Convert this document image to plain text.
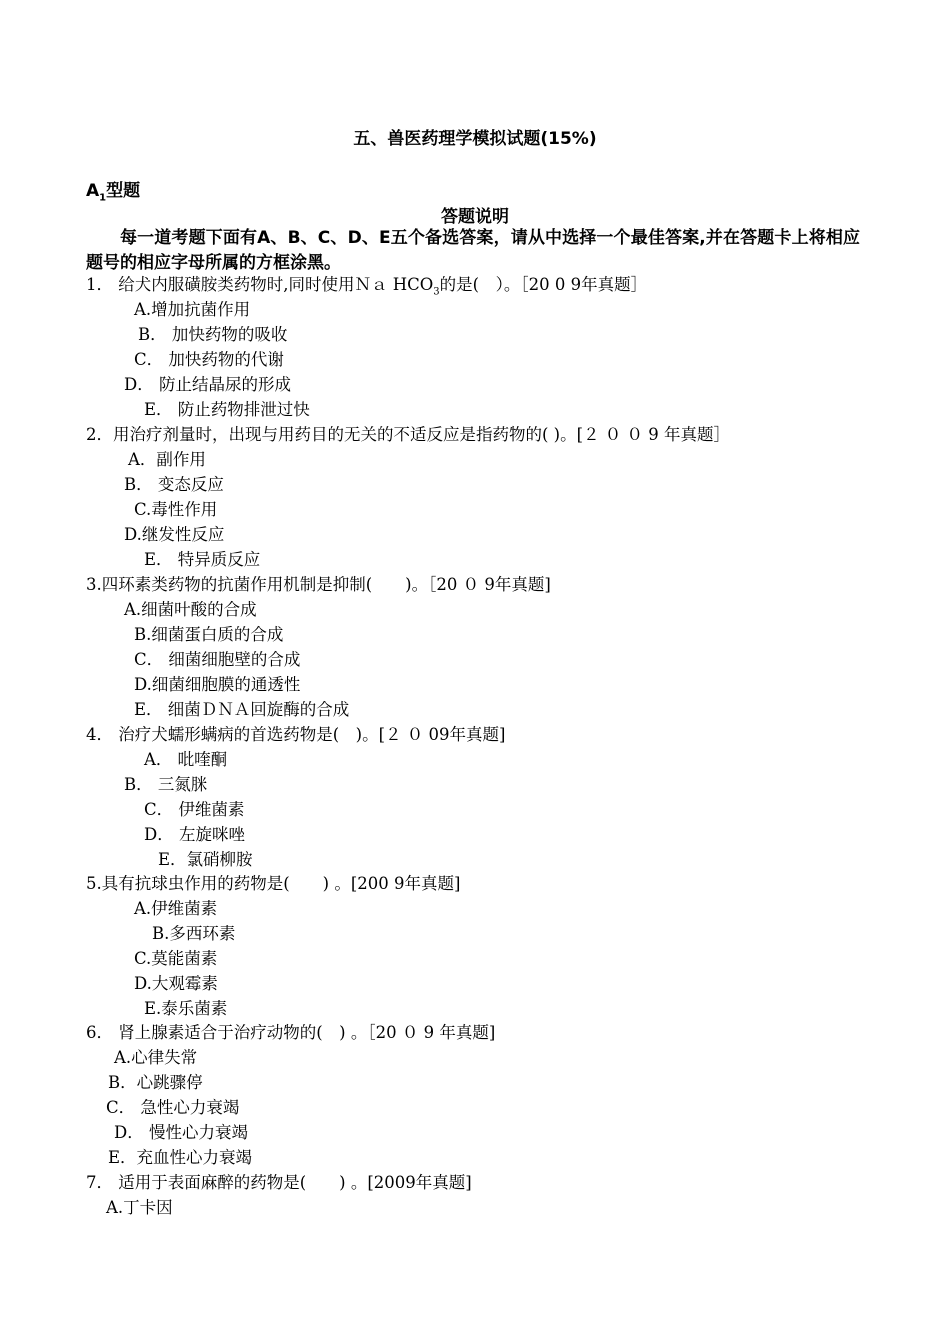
五、兽医药理学模拟试题(15%)
$A_1$型题
答题说明
每一道考题下面有A、B、C、D、E五个备选答案，请从中选择一个最佳答案,并在答题卡上将相应题号的相应字母所属的方框涂黑。
1． 给犬内服磺胺类药物时,同时使用Ｎａ $HCO_3$的是(　）。［20 0 9年真题］
A.增加抗菌作用
B． 加快药物的吸收
C． 加快药物的代谢
D． 防止结晶尿的形成
E． 防止药物排泄过快
2．用治疗剂量时，出现与用药目的无关的不适反应是指药物的( )。[２ ０ ０ 9 年真题］
A．副作用
B． 变态反应
C.毒性作用
D.继发性反应
E． 特异质反应
3.四环素类药物的抗菌作用机制是抑制(　　)。［20 ０ 9年真题]
A.细菌叶酸的合成
B.细菌蛋白质的合成
C． 细菌细胞壁的合成
D.细菌细胞膜的通透性
E． 细菌ＤＮＡ回旋酶的合成
4． 治疗犬蠕形螨病的首选药物是(　)。[２ ０ 09年真题]
A． 吡喹酮
B． 三氮脒
C． 伊维菌素
D． 左旋咪唑
E．氯硝柳胺
5.具有抗球虫作用的药物是(　　) 。[200 9年真题]
A.伊维菌素
B.多西环素
C.莫能菌素
D.大观霉素
E.泰乐菌素
6． 肾上腺素适合于治疗动物的(　) 。［20 ０ 9 年真题]
A.心律失常
B．心跳骤停
C． 急性心力衰竭
D． 慢性心力衰竭
E．充血性心力衰竭
7． 适用于表面麻醉的药物是(　　) 。[2009年真题]
A.丁卡因
